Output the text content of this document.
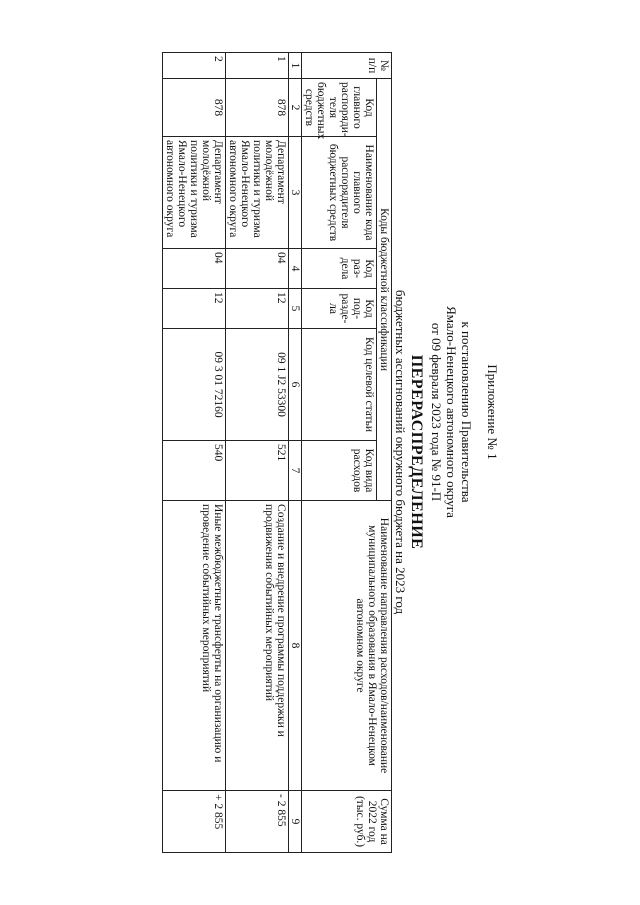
Приложение № 1
к постановлению Правительства
Ямало-Ненецкого автономного округа
от 09 февраля 2023 года № 91-П
ПЕРЕРАСПРЕДЕЛЕНИЕ
бюджетных ассигнований окружного бюджета на 2023 год
№ п/п	Коды бюджетной классификации						Наименование направления расходов/наименование муниципального образования в Ямало-Ненецком автономном округе	Сумма на 2022 год (тыс. руб.)
	Код главного распоряди-теля бюджетных средств	Наименование кода главного распорядителя бюджетных средств	Код раз-дела	Код под-разде-ла	Код целевой статьи	Код вида расходов		
1	2	3	4	5	6	7	8	9
1	878	Департамент молодёжной политики и туризма Ямало-Ненецкого автономного округа	04	12	09 1 J2 53300	521	Создание и внедрение программы поддержки и продвижения событийных мероприятий	- 2 855
2	878	Департамент молодёжной политики и туризма Ямало-Ненецкого автономного округа	04	12	09 3 01 72160	540	Иные межбюджетные трансферты на организацию и проведение событийных мероприятий	+ 2 855
